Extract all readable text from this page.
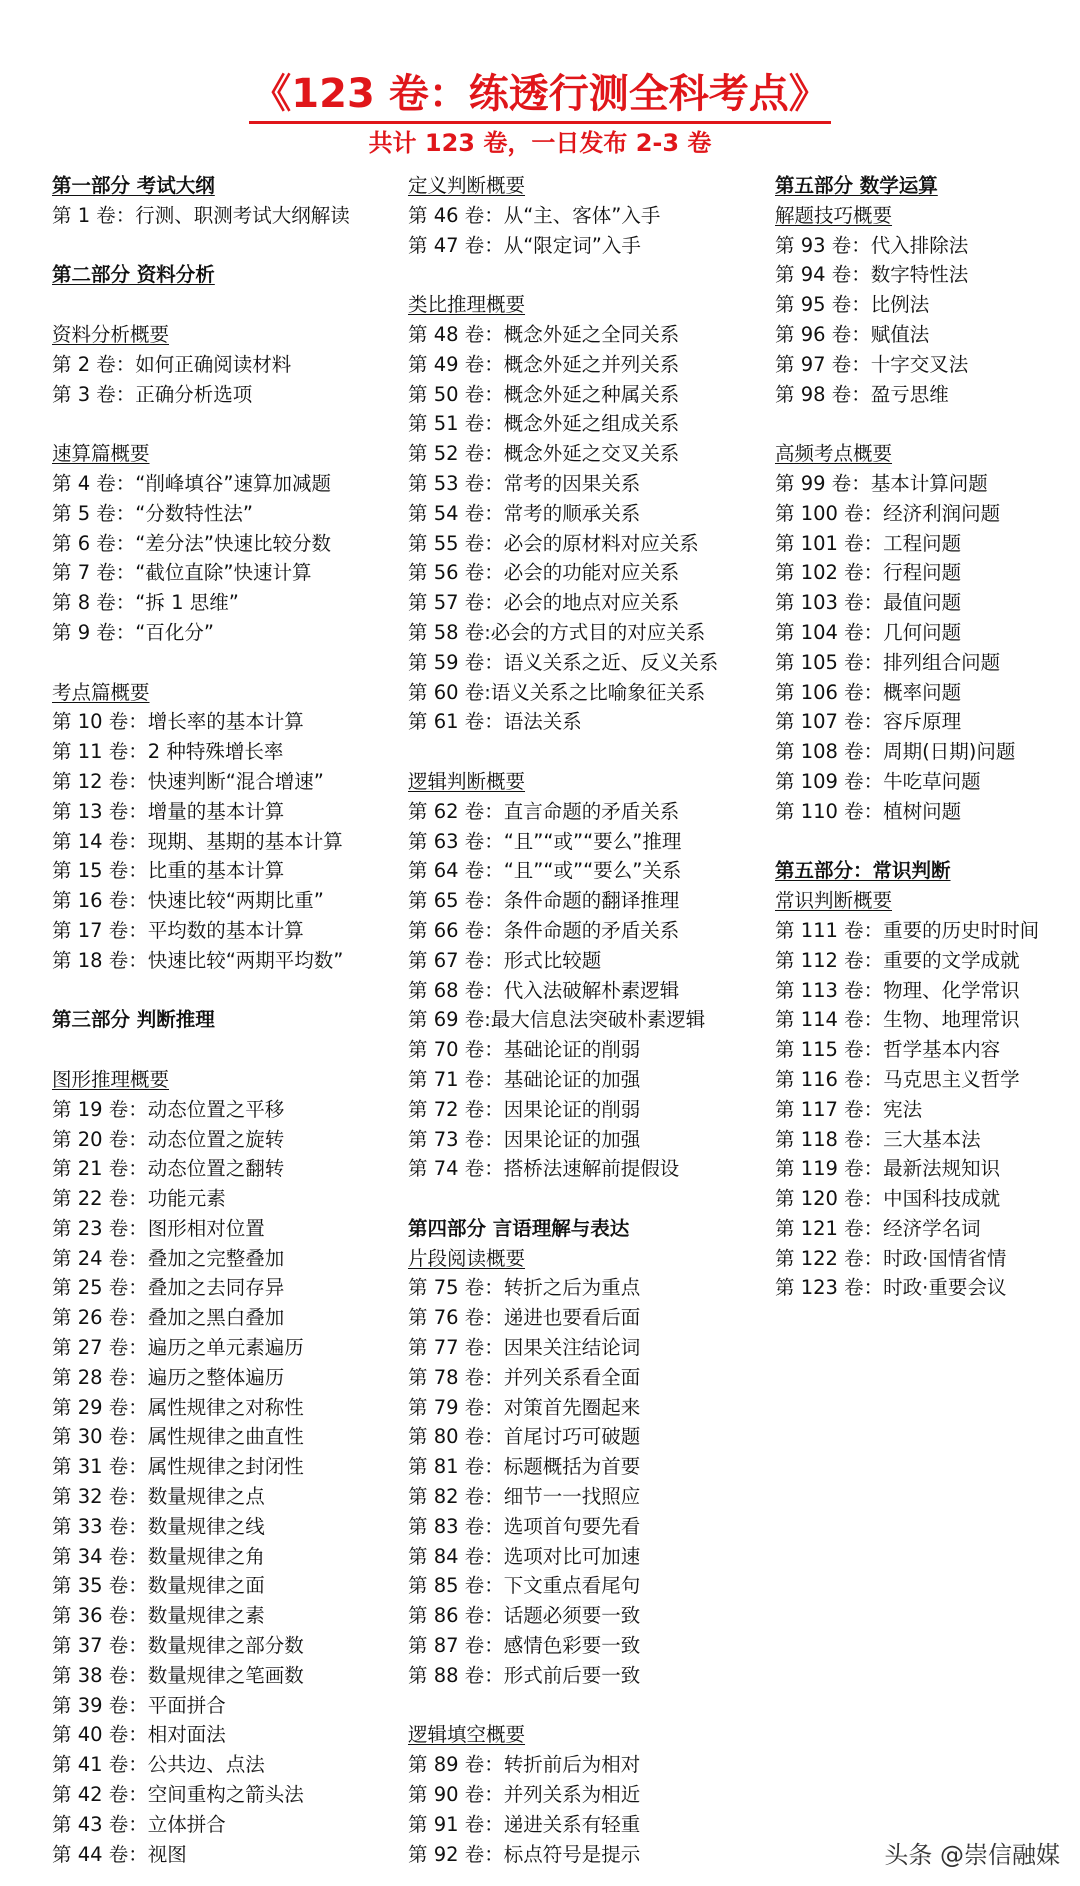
《123 卷：练透行测全科考点》
共计 123 卷，一日发布 2-3 卷
第一部分 考试大纲
第 1 卷：行测、职测考试大纲解读
第二部分 资料分析
资料分析概要
第 2 卷：如何正确阅读材料
第 3 卷：正确分析选项
速算篇概要
第 4 卷：“削峰填谷”速算加减题
第 5 卷：“分数特性法”
第 6 卷：“差分法”快速比较分数
第 7 卷：“截位直除”快速计算
第 8 卷：“拆 1 思维”
第 9 卷：“百化分”
考点篇概要
第 10 卷：增长率的基本计算
第 11 卷：2 种特殊增长率
第 12 卷：快速判断“混合增速”
第 13 卷：增量的基本计算
第 14 卷：现期、基期的基本计算
第 15 卷：比重的基本计算
第 16 卷：快速比较“两期比重”
第 17 卷：平均数的基本计算
第 18 卷：快速比较“两期平均数”
第三部分 判断推理
图形推理概要
第 19 卷：动态位置之平移
第 20 卷：动态位置之旋转
第 21 卷：动态位置之翻转
第 22 卷：功能元素
第 23 卷：图形相对位置
第 24 卷：叠加之完整叠加
第 25 卷：叠加之去同存异
第 26 卷：叠加之黑白叠加
第 27 卷：遍历之单元素遍历
第 28 卷：遍历之整体遍历
第 29 卷：属性规律之对称性
第 30 卷：属性规律之曲直性
第 31 卷：属性规律之封闭性
第 32 卷：数量规律之点
第 33 卷：数量规律之线
第 34 卷：数量规律之角
第 35 卷：数量规律之面
第 36 卷：数量规律之素
第 37 卷：数量规律之部分数
第 38 卷：数量规律之笔画数
第 39 卷：平面拼合
第 40 卷：相对面法
第 41 卷：公共边、点法
第 42 卷：空间重构之箭头法
第 43 卷：立体拼合
第 44 卷：视图
定义判断概要
第 46 卷：从“主、客体”入手
第 47 卷：从“限定词”入手
类比推理概要
第 48 卷：概念外延之全同关系
第 49 卷：概念外延之并列关系
第 50 卷：概念外延之种属关系
第 51 卷：概念外延之组成关系
第 52 卷：概念外延之交叉关系
第 53 卷：常考的因果关系
第 54 卷：常考的顺承关系
第 55 卷：必会的原材料对应关系
第 56 卷：必会的功能对应关系
第 57 卷：必会的地点对应关系
第 58 卷:必会的方式目的对应关系
第 59 卷：语义关系之近、反义关系
第 60 卷:语义关系之比喻象征关系
第 61 卷：语法关系
逻辑判断概要
第 62 卷：直言命题的矛盾关系
第 63 卷：“且”“或”“要么”推理
第 64 卷：“且”“或”“要么”关系
第 65 卷：条件命题的翻译推理
第 66 卷：条件命题的矛盾关系
第 67 卷：形式比较题
第 68 卷：代入法破解朴素逻辑
第 69 卷:最大信息法突破朴素逻辑
第 70 卷：基础论证的削弱
第 71 卷：基础论证的加强
第 72 卷：因果论证的削弱
第 73 卷：因果论证的加强
第 74 卷：搭桥法速解前提假设
第四部分 言语理解与表达
片段阅读概要
第 75 卷：转折之后为重点
第 76 卷：递进也要看后面
第 77 卷：因果关注结论词
第 78 卷：并列关系看全面
第 79 卷：对策首先圈起来
第 80 卷：首尾讨巧可破题
第 81 卷：标题概括为首要
第 82 卷：细节一一找照应
第 83 卷：选项首句要先看
第 84 卷：选项对比可加速
第 85 卷：下文重点看尾句
第 86 卷：话题必须要一致
第 87 卷：感情色彩要一致
第 88 卷：形式前后要一致
逻辑填空概要
第 89 卷：转折前后为相对
第 90 卷：并列关系为相近
第 91 卷：递进关系有轻重
第 92 卷：标点符号是提示
第五部分 数学运算
解题技巧概要
第 93 卷：代入排除法
第 94 卷：数字特性法
第 95 卷：比例法
第 96 卷：赋值法
第 97 卷：十字交叉法
第 98 卷：盈亏思维
高频考点概要
第 99 卷：基本计算问题
第 100 卷：经济利润问题
第 101 卷：工程问题
第 102 卷：行程问题
第 103 卷：最值问题
第 104 卷：几何问题
第 105 卷：排列组合问题
第 106 卷：概率问题
第 107 卷：容斥原理
第 108 卷：周期(日期)问题
第 109 卷：牛吃草问题
第 110 卷：植树问题
第五部分：常识判断
常识判断概要
第 111 卷：重要的历史时时间
第 112 卷：重要的文学成就
第 113 卷：物理、化学常识
第 114 卷：生物、地理常识
第 115 卷：哲学基本内容
第 116 卷：马克思主义哲学
第 117 卷：宪法
第 118 卷：三大基本法
第 119 卷：最新法规知识
第 120 卷：中国科技成就
第 121 卷：经济学名词
第 122 卷：时政·国情省情
第 123 卷：时政·重要会议
头条 @崇信融媒
